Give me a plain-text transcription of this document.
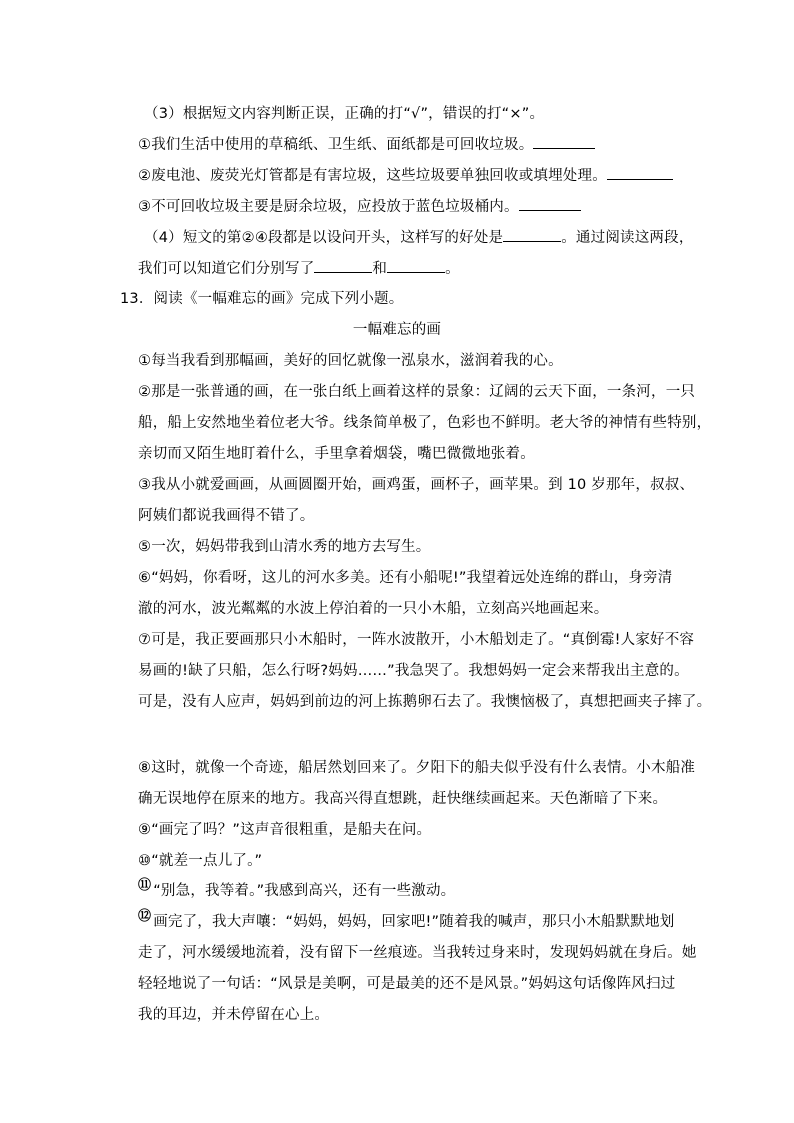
（3）根据短文内容判断正误，正确的打“√”，错误的打“×”。
①我们生活中使用的草稿纸、卫生纸、面纸都是可回收垃圾。
②废电池、废荧光灯管都是有害垃圾，这些垃圾要单独回收或填埋处理。
③不可回收垃圾主要是厨余垃圾，应投放于蓝色垃圾桶内。
（4）短文的第②④段都是以设问开头，这样写的好处是	。通过阅读这两段，
我们可以知道它们分别写了	和	。
13．阅读《一幅难忘的画》完成下列小题。
一幅难忘的画
①每当我看到那幅画，美好的回忆就像一泓泉水，滋润着我的心。
②那是一张普通的画，在一张白纸上画着这样的景象：辽阔的云天下面，一条河，一只
船，船上安然地坐着位老大爷。线条简单极了，色彩也不鲜明。老大爷的神情有些特别，
亲切而又陌生地盯着什么，手里拿着烟袋，嘴巴微微地张着。
③我从小就爱画画，从画圆圈开始，画鸡蛋，画杯子，画苹果。到 10 岁那年，叔叔、
阿姨们都说我画得不错了。
⑤一次，妈妈带我到山清水秀的地方去写生。
⑥“妈妈，你看呀，这儿的河水多美。还有小船呢!”我望着远处连绵的群山，身旁清
澈的河水，波光粼粼的水波上停泊着的一只小木船，立刻高兴地画起来。
⑦可是，我正要画那只小木船时，一阵水波散开，小木船划走了。“真倒霉!人家好不容
易画的!缺了只船，怎么行呀?妈妈……”我急哭了。我想妈妈一定会来帮我出主意的。
可是，没有人应声，妈妈到前边的河上拣鹅卵石去了。我懊恼极了，真想把画夹子摔了。
⑧这时，就像一个奇迹，船居然划回来了。夕阳下的船夫似乎没有什么表情。小木船准
确无误地停在原来的地方。我高兴得直想跳，赶快继续画起来。天色渐暗了下来。
⑨“画完了吗？”这声音很粗重，是船夫在问。
⑩“就差一点儿了。”
⑪ “别急，我等着。”我感到高兴，还有一些激动。
⑫ 画完了，我大声嚷：“妈妈，妈妈，回家吧!”随着我的喊声，那只小木船默默地划
走了，河水缓缓地流着，没有留下一丝痕迹。当我转过身来时，发现妈妈就在身后。她
轻轻地说了一句话：“风景是美啊，可是最美的还不是风景。”妈妈这句话像阵风扫过
我的耳边，并未停留在心上。
